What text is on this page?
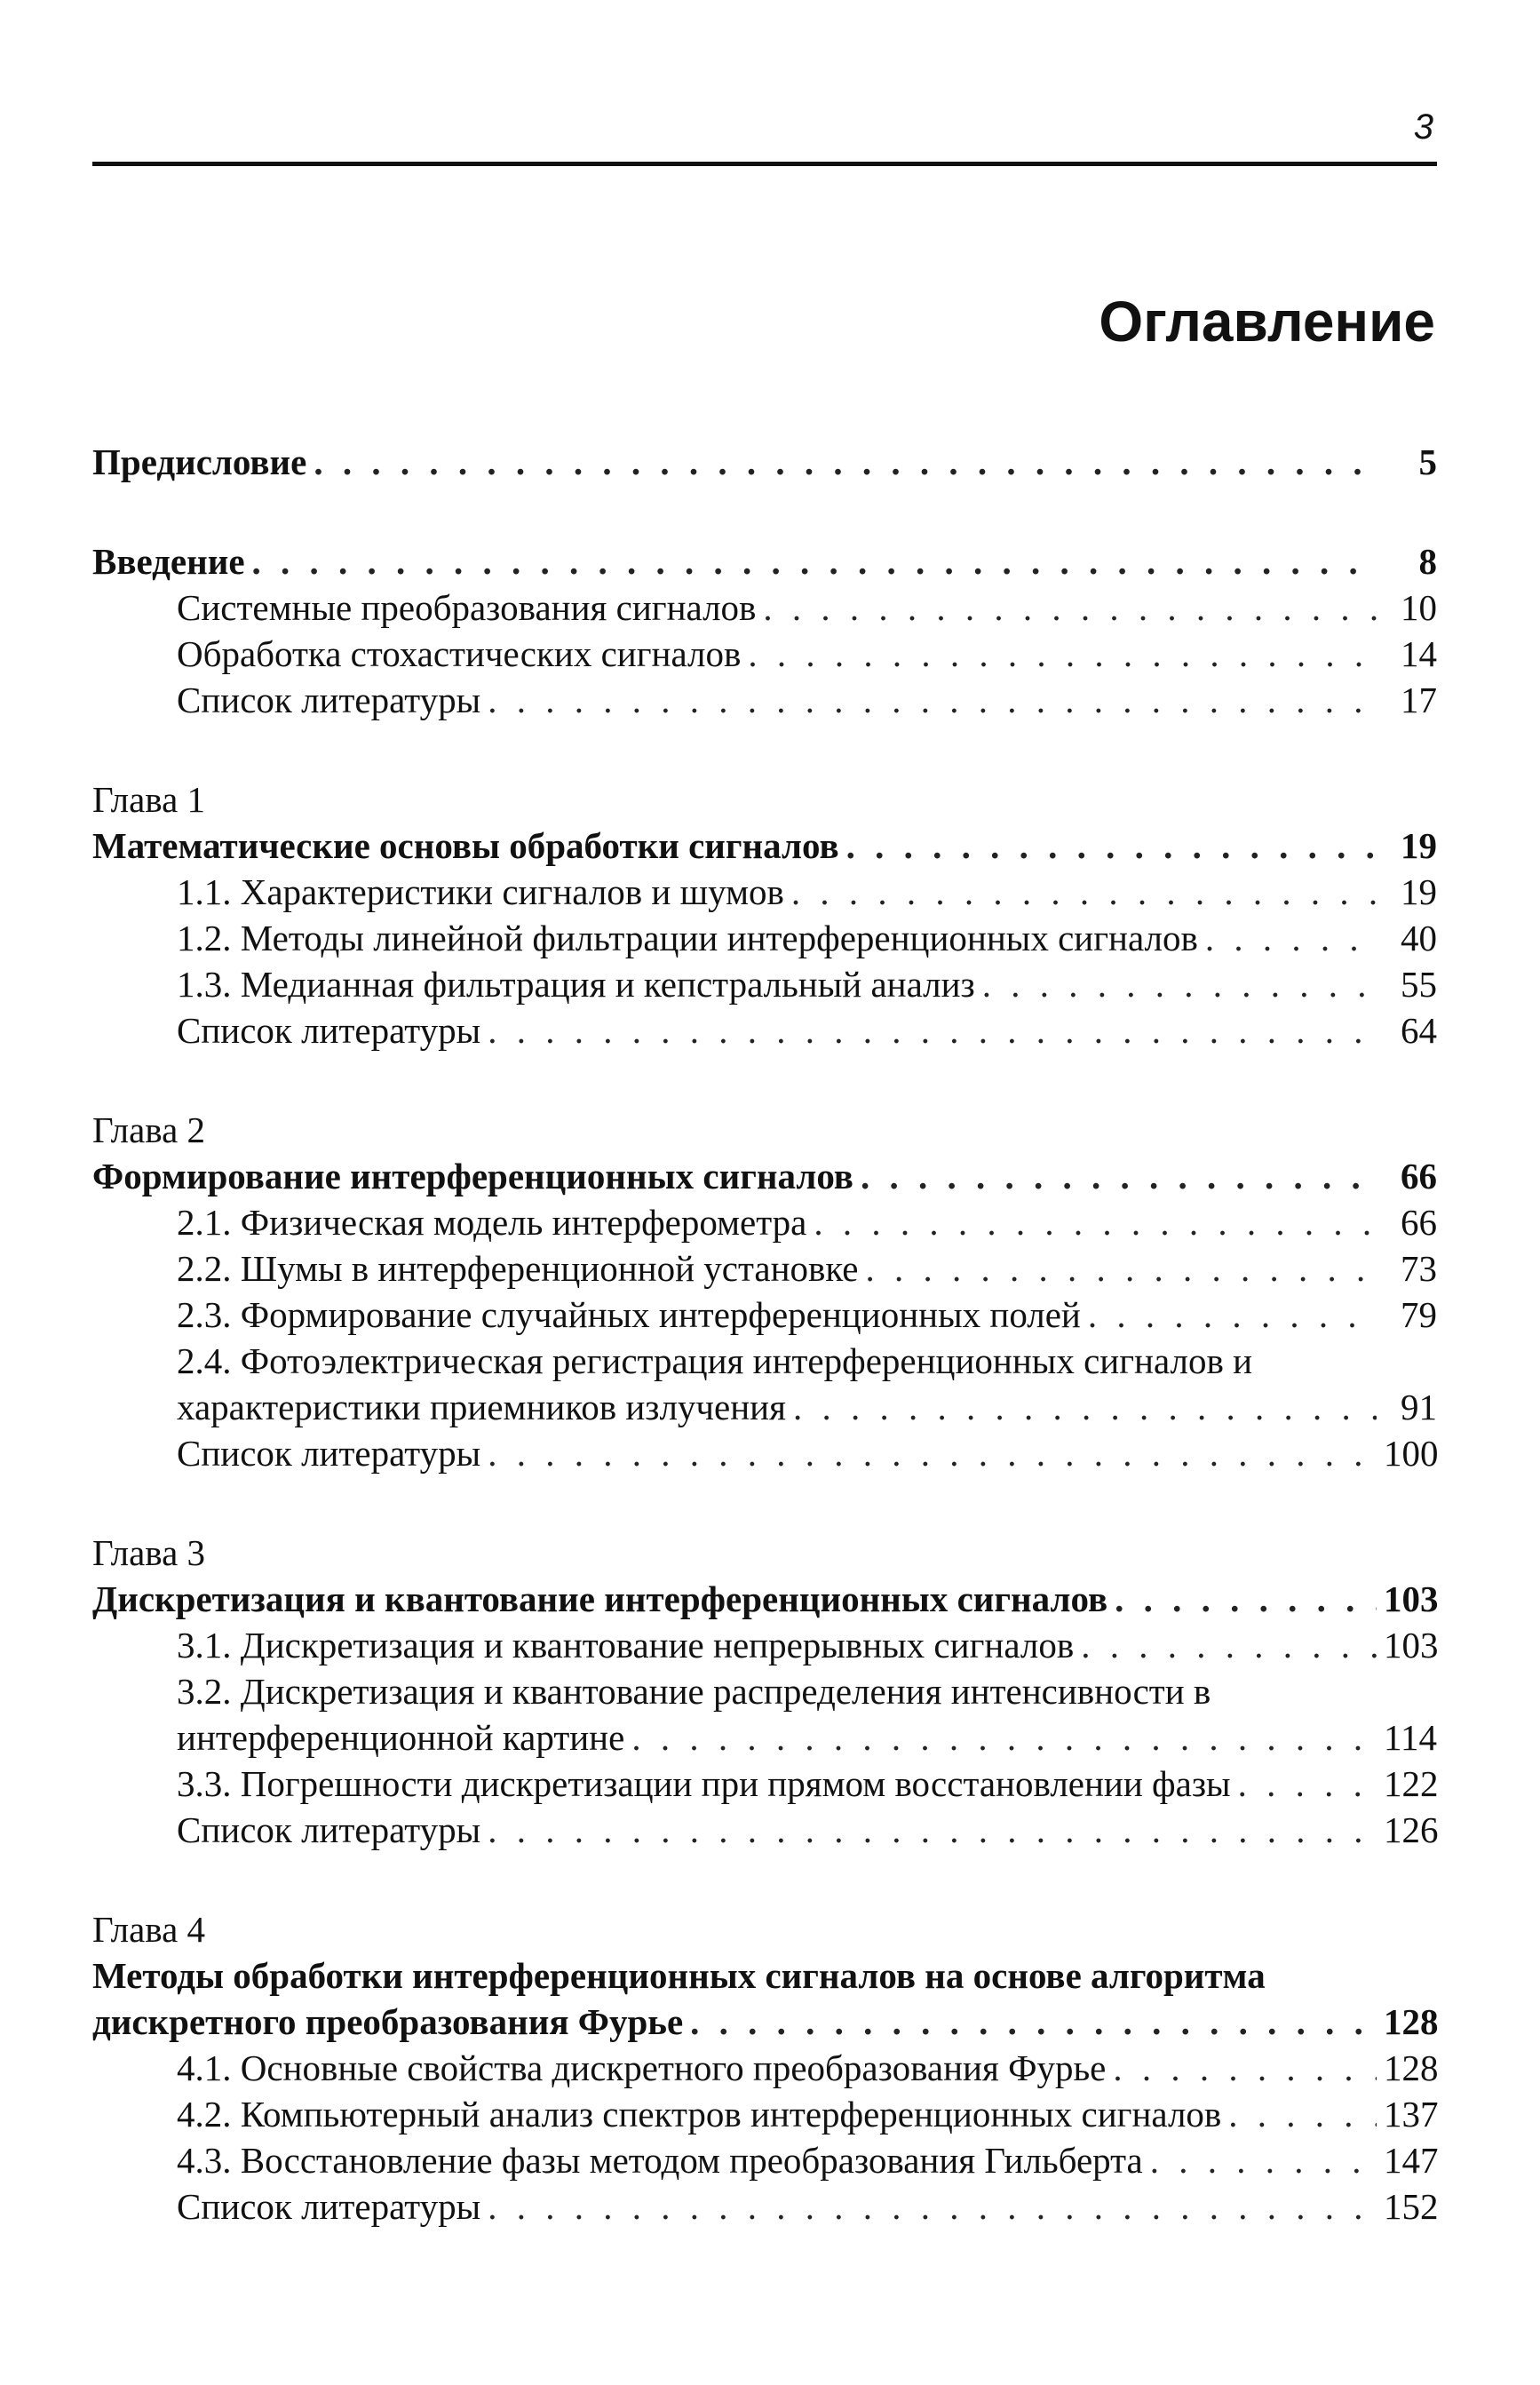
3
Оглавление
Предисловие . . .	5
Введение . . .	8
Системные преобразования сигналов . . .	10
Обработка стохастических сигналов . . .	14
Список литературы . . .	17
Глава 1
Математические основы обработки сигналов . . .	19
1.1. Характеристики сигналов и шумов . . .	19
1.2. Методы линейной фильтрации интерференционных сигналов . . .	40
1.3. Медианная фильтрация и кепстральный анализ . . .	55
Список литературы . . .	64
Глава 2
Формирование интерференционных сигналов . . .	66
2.1. Физическая модель интерферометра . . .	66
2.2. Шумы в интерференционной установке . . .	73
2.3. Формирование случайных интерференционных полей . . .	79
2.4. Фотоэлектрическая регистрация интерференционных сигналов и
характеристики приемников излучения . . .	91
Список литературы . . .	100
Глава 3
Дискретизация и квантование интерференционных сигналов . . .	103
3.1. Дискретизация и квантование непрерывных сигналов . . .	103
3.2. Дискретизация и квантование распределения интенсивности в
интерференционной картине . . .	114
3.3. Погрешности дискретизации при прямом восстановлении фазы . . .	122
Список литературы . . .	126
Глава 4
Методы обработки интерференционных сигналов на основе алгоритма
дискретного преобразования Фурье . . .	128
4.1. Основные свойства дискретного преобразования Фурье . . .	128
4.2. Компьютерный анализ спектров интерференционных сигналов . . .	137
4.3. Восстановление фазы методом преобразования Гильберта . . .	147
Список литературы . . .	152
